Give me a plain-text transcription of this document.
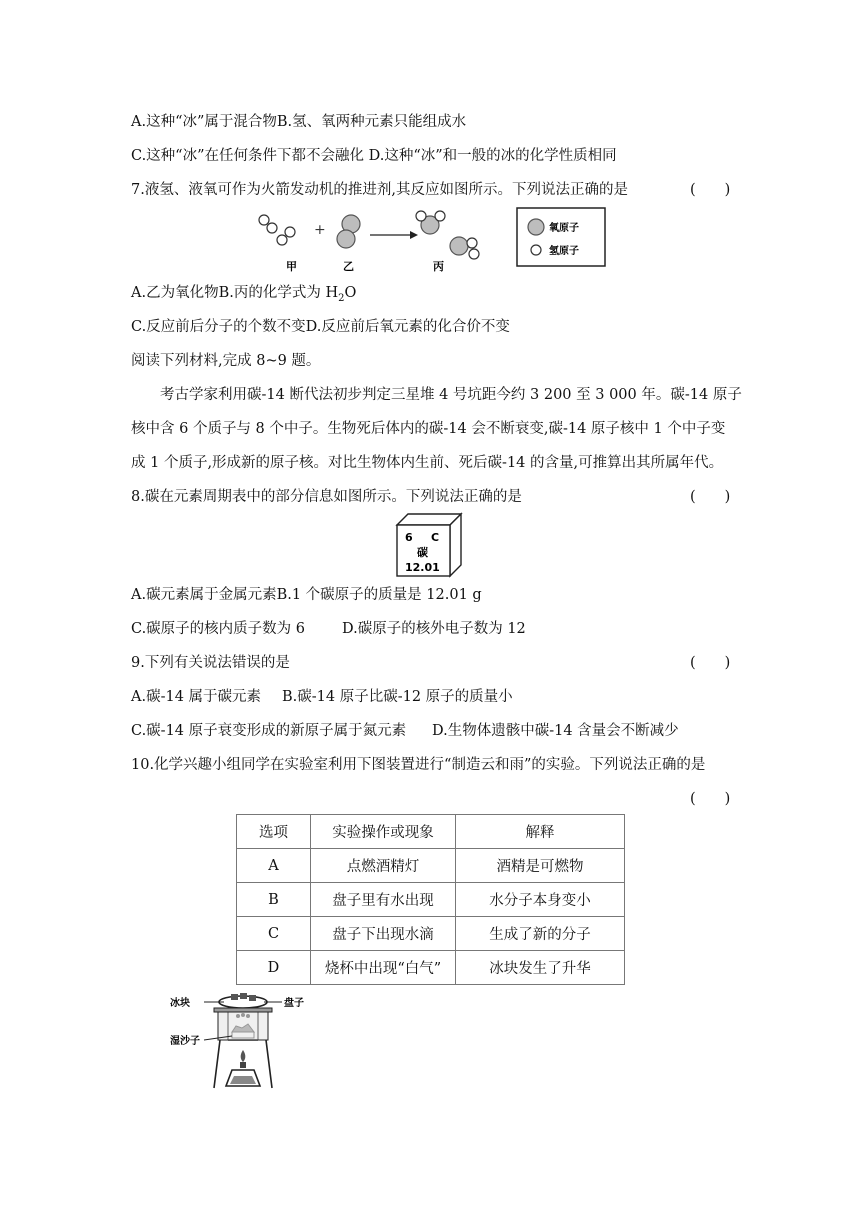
A.这种“冰”属于混合物B.氢、氧两种元素只能组成水
C.这种“冰”在任何条件下都不会融化 D.这种“冰”和一般的冰的化学性质相同
7.液氢、液氧可作为火箭发动机的推进剂,其反应如图所示。下列说法正确的是	(　　)
+
甲	乙	丙
氧原子
氢原子
A.乙为氧化物B.丙的化学式为 $H_2O$
C.反应前后分子的个数不变D.反应前后氧元素的化合价不变
阅读下列材料,完成 8~9 题。
考古学家利用碳-14 断代法初步判定三星堆 4 号坑距今约 3 200 至 3 000 年。碳-14 原子
核中含 6 个质子与 8 个中子。生物死后体内的碳-14 会不断衰变,碳-14 原子核中 1 个中子变
成 1 个质子,形成新的原子核。对比生物体内生前、死后碳-14 的含量,可推算出其所属年代。
8.碳在元素周期表中的部分信息如图所示。下列说法正确的是	(　　)
6 C
碳
12.01
A.碳元素属于金属元素B.1 个碳原子的质量是 12.01 g
C.碳原子的核内质子数为 6	D.碳原子的核外电子数为 12
9.下列有关说法错误的是	(　　)
A.碳-14 属于碳元素 B.碳-14 原子比碳-12 原子的质量小
C.碳-14 原子衰变形成的新原子属于氮元素 D.生物体遗骸中碳-14 含量会不断减少
10.化学兴趣小组同学在实验室利用下图装置进行“制造云和雨”的实验。下列说法正确的是
(　　)
选项	实验操作或现象	解释
A	点燃酒精灯	酒精是可燃物
B	盘子里有水出现	水分子本身变小
C	盘子下出现水滴	生成了新的分子
D	烧杯中出现“白气”	冰块发生了升华
冰块	盘子
湿沙子
